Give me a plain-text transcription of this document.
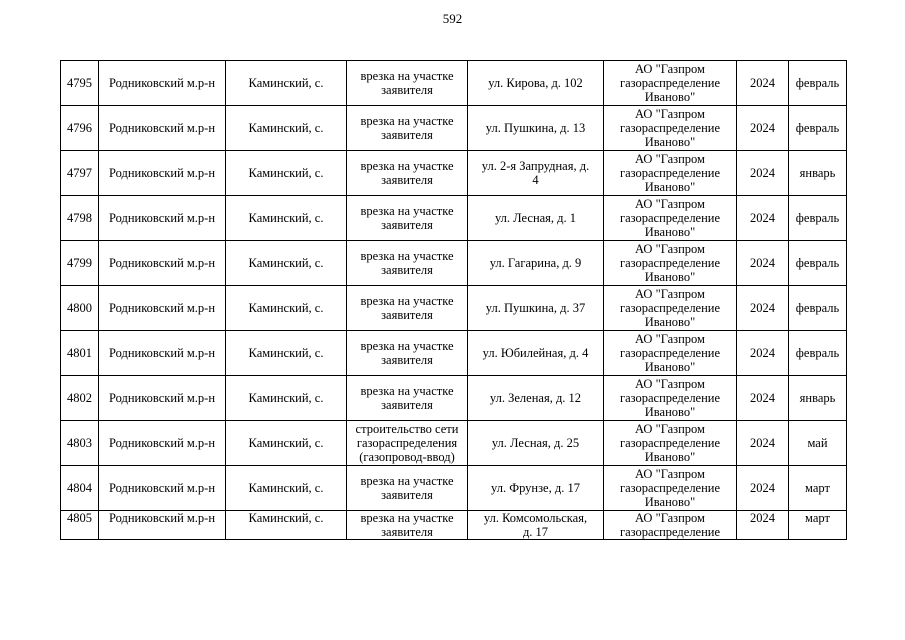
592
4795	Родниковский м.р-н	Каминский, с.	врезка на участке
заявителя	ул. Кирова, д. 102	АО "Газпром
газораспределение
Иваново"	2024	февраль
4796	Родниковский м.р-н	Каминский, с.	врезка на участке
заявителя	ул. Пушкина, д. 13	АО "Газпром
газораспределение
Иваново"	2024	февраль
4797	Родниковский м.р-н	Каминский, с.	врезка на участке
заявителя	ул. 2-я Запрудная, д.
4	АО "Газпром
газораспределение
Иваново"	2024	январь
4798	Родниковский м.р-н	Каминский, с.	врезка на участке
заявителя	ул. Лесная, д. 1	АО "Газпром
газораспределение
Иваново"	2024	февраль
4799	Родниковский м.р-н	Каминский, с.	врезка на участке
заявителя	ул. Гагарина, д. 9	АО "Газпром
газораспределение
Иваново"	2024	февраль
4800	Родниковский м.р-н	Каминский, с.	врезка на участке
заявителя	ул. Пушкина, д. 37	АО "Газпром
газораспределение
Иваново"	2024	февраль
4801	Родниковский м.р-н	Каминский, с.	врезка на участке
заявителя	ул. Юбилейная, д. 4	АО "Газпром
газораспределение
Иваново"	2024	февраль
4802	Родниковский м.р-н	Каминский, с.	врезка на участке
заявителя	ул. Зеленая, д. 12	АО "Газпром
газораспределение
Иваново"	2024	январь
4803	Родниковский м.р-н	Каминский, с.	строительство сети
газораспределения
(газопровод-ввод)	ул. Лесная, д. 25	АО "Газпром
газораспределение
Иваново"	2024	май
4804	Родниковский м.р-н	Каминский, с.	врезка на участке
заявителя	ул. Фрунзе, д. 17	АО "Газпром
газораспределение
Иваново"	2024	март
4805	Родниковский м.р-н	Каминский, с.	врезка на участке
заявителя	ул. Комсомольская,
д. 17	АО "Газпром
газораспределение	2024	март
